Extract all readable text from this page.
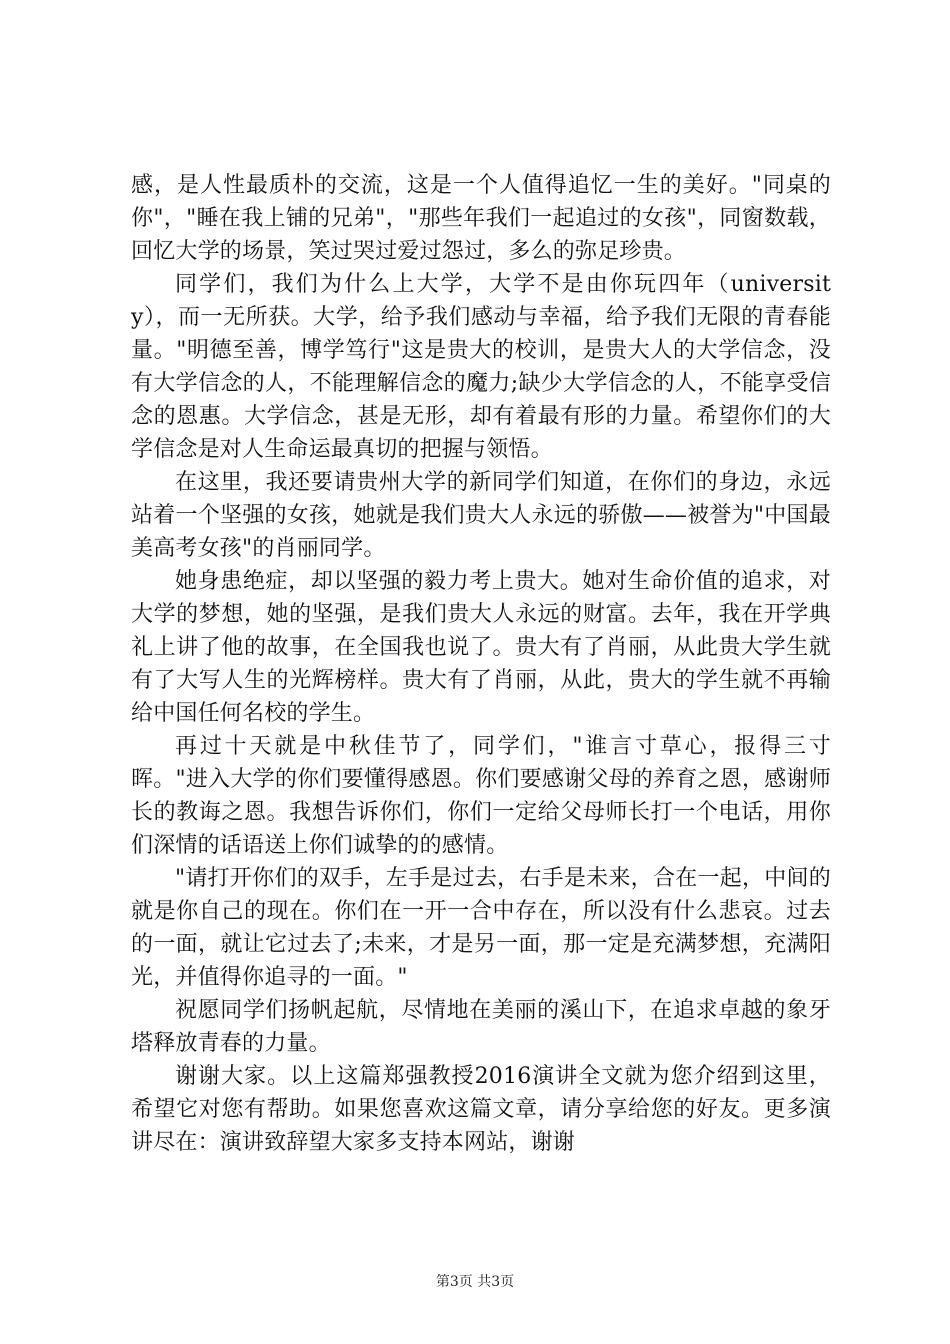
感，是人性最质朴的交流，这是一个人值得追忆一生的美好。"同桌的你"，"睡在我上铺的兄弟"，"那些年我们一起追过的女孩"，同窗数载，回忆大学的场景，笑过哭过爱过怨过，多么的弥足珍贵。

同学们，我们为什么上大学，大学不是由你玩四年（university），而一无所获。大学，给予我们感动与幸福，给予我们无限的青春能量。"明德至善，博学笃行"这是贵大的校训，是贵大人的大学信念，没有大学信念的人，不能理解信念的魔力;缺少大学信念的人，不能享受信念的恩惠。大学信念，甚是无形，却有着最有形的力量。希望你们的大学信念是对人生命运最真切的把握与领悟。

在这里，我还要请贵州大学的新同学们知道，在你们的身边，永远站着一个坚强的女孩，她就是我们贵大人永远的骄傲——被誉为"中国最美高考女孩"的肖丽同学。

她身患绝症，却以坚强的毅力考上贵大。她对生命价值的追求，对大学的梦想，她的坚强，是我们贵大人永远的财富。去年，我在开学典礼上讲了他的故事，在全国我也说了。贵大有了肖丽，从此贵大学生就有了大写人生的光辉榜样。贵大有了肖丽，从此，贵大的学生就不再输给中国任何名校的学生。

再过十天就是中秋佳节了，同学们，"谁言寸草心，报得三寸晖。"进入大学的你们要懂得感恩。你们要感谢父母的养育之恩，感谢师长的教诲之恩。我想告诉你们，你们一定给父母师长打一个电话，用你们深情的话语送上你们诚挚的的感情。

"请打开你们的双手，左手是过去，右手是未来，合在一起，中间的就是你自己的现在。你们在一开一合中存在，所以没有什么悲哀。过去的一面，就让它过去了;未来，才是另一面，那一定是充满梦想，充满阳光，并值得你追寻的一面。"

祝愿同学们扬帆起航，尽情地在美丽的溪山下，在追求卓越的象牙塔释放青春的力量。

谢谢大家。以上这篇郑强教授2016演讲全文就为您介绍到这里，希望它对您有帮助。如果您喜欢这篇文章，请分享给您的好友。更多演讲尽在：演讲致辞望大家多支持本网站，谢谢

第3页 共3页
